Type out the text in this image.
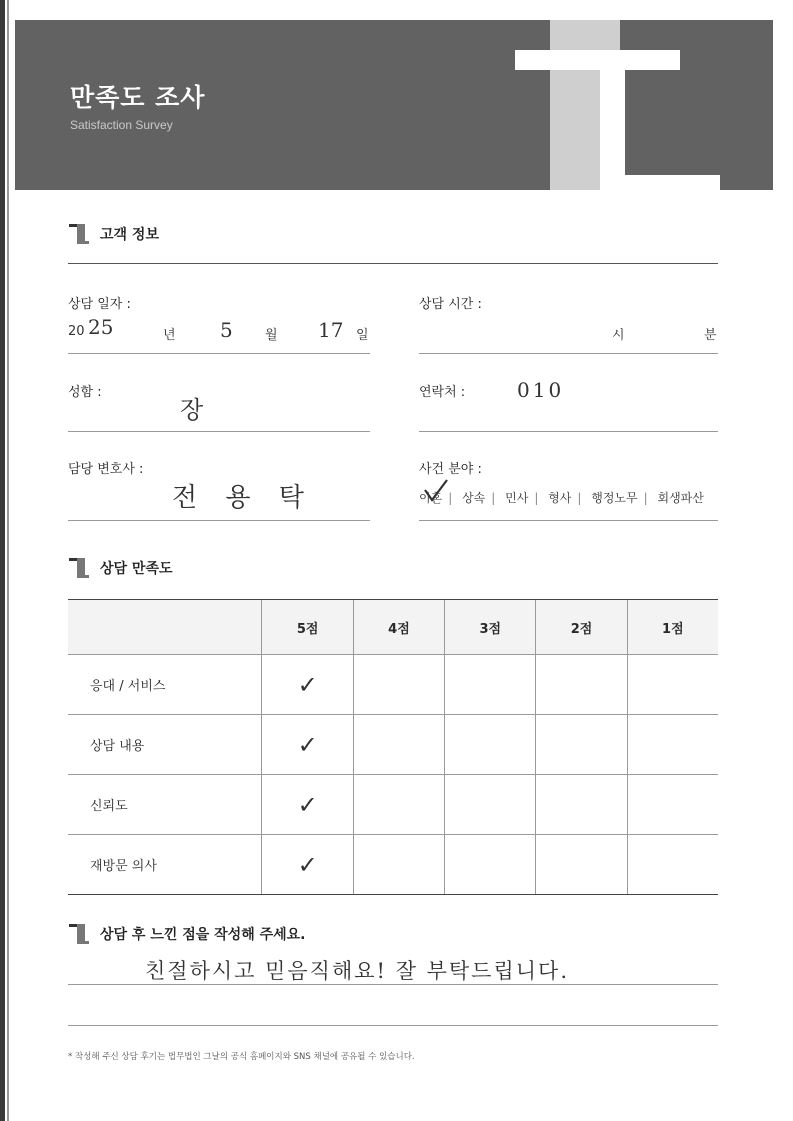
만족도 조사
Satisfaction Survey
고객 정보
상담 일자 :
20 25	년 5 월 17 일
상담 시간 :
시	분
성함 :
장
연락처 :	010
담당 변호사 :
전 용 탁
사건 분야 :
이혼 | 상속 | 민사 | 형사 | 행정노무 | 회생파산
상담 만족도
	5점	4점	3점	2점	1점
응대 / 서비스	✓				
상담 내용	✓				
신뢰도	✓				
재방문 의사	✓				
상담 후 느낀 점을 작성해 주세요.
친절하시고 믿음직해요! 잘 부탁드립니다.
* 작성해 주신 상담 후기는 법무법인 그날의 공식 홈페이지와 SNS 채널에 공유될 수 있습니다.
